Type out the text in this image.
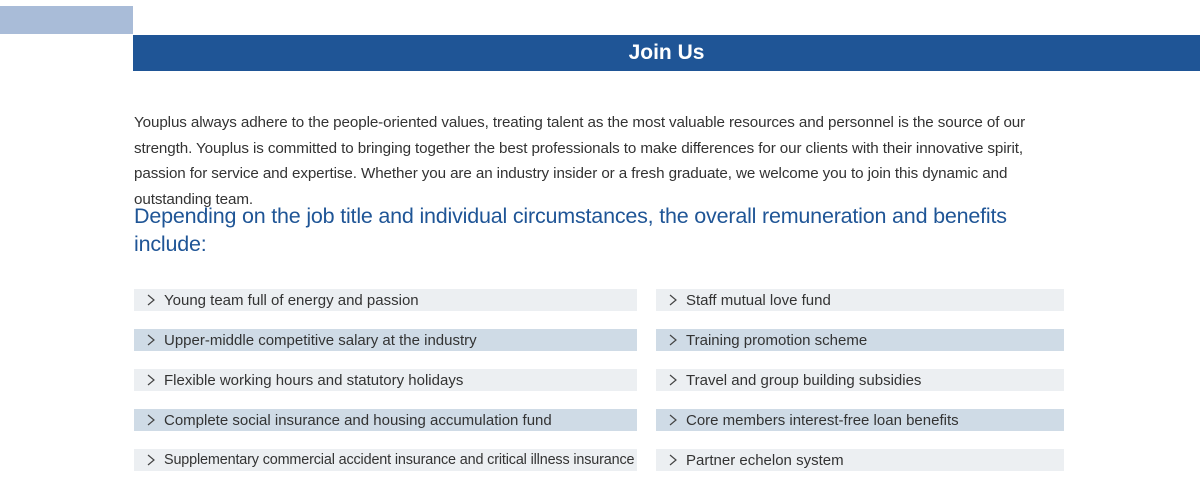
Join Us

Youplus always adhere to the people-oriented values, treating talent as the most valuable resources and personnel is the source of our strength. Youplus is committed to bringing together the best professionals to make differences for our clients with their innovative spirit, passion for service and expertise. Whether you are an industry insider or a fresh graduate, we welcome you to join this dynamic and outstanding team.

Depending on the job title and individual circumstances, the overall remuneration and benefits include:
Young team full of energy and passion
Upper-middle competitive salary at the industry
Flexible working hours and statutory holidays
Complete social insurance and housing accumulation fund
Supplementary commercial accident insurance and critical illness insurance
Staff mutual love fund
Training promotion scheme
Travel and group building subsidies
Core members interest-free loan benefits
Partner echelon system
